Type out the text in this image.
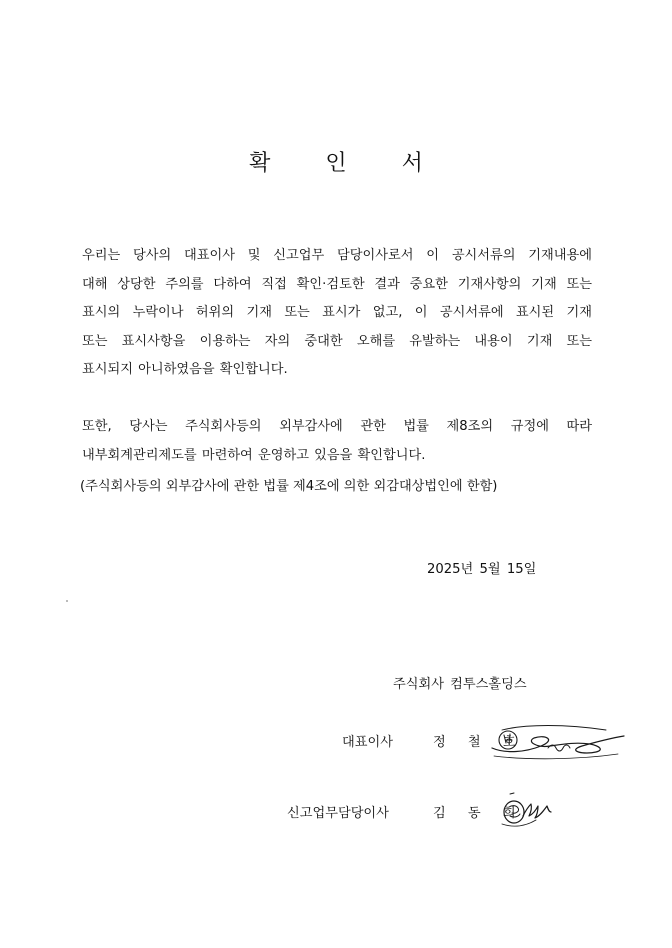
확 인 서
우리는 당사의 대표이사 및 신고업무 담당이사로서 이 공시서류의 기재내용에
대해 상당한 주의를 다하여 직접 확인·검토한 결과 중요한 기재사항의 기재 또는
표시의 누락이나 허위의 기재 또는 표시가 없고, 이 공시서류에 표시된 기재
또는 표시사항을 이용하는 자의 중대한 오해를 유발하는 내용이 기재 또는
표시되지 아니하였음을 확인합니다.
또한, 당사는 주식회사등의 외부감사에 관한 법률 제8조의 규정에 따라
내부회계관리제도를 마련하여 운영하고 있음을 확인합니다.
(주식회사등의 외부감사에 관한 법률 제4조에 의한 외감대상법인에 한함)
2025년 5월 15일
주식회사 컴투스홀딩스
대표이사	정 철 호
신고업무담당이사	김 동 희
